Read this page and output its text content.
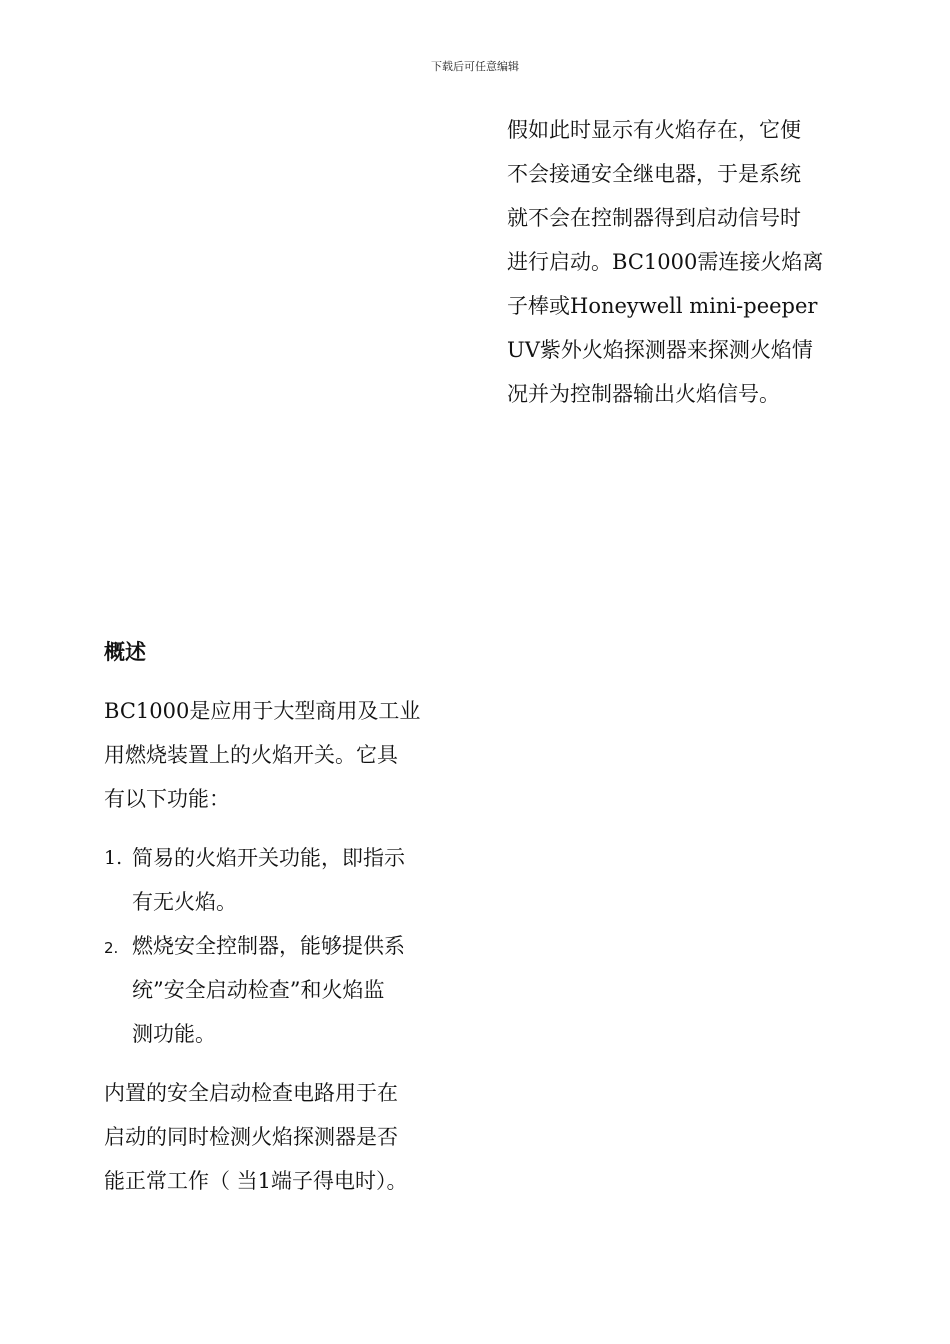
下载后可任意编辑

假如此时显示有火焰存在，它便

不会接通安全继电器，于是系统

就不会在控制器得到启动信号时

进行启动。BC1000需连接火焰离

子棒或Honeywell mini-peeper

UV紫外火焰探测器来探测火焰情

况并为控制器输出火焰信号。

概述
BC1000是应用于大型商用及工业
用燃烧装置上的火焰开关。它具
有以下功能：
1. 简易的火焰开关功能，即指示
有无火焰。
2. 燃烧安全控制器，能够提供系
统”安全启动检查”和火焰监
测功能。
内置的安全启动检查电路用于在
启动的同时检测火焰探测器是否
能正常工作（ 当1端子得电时）。
